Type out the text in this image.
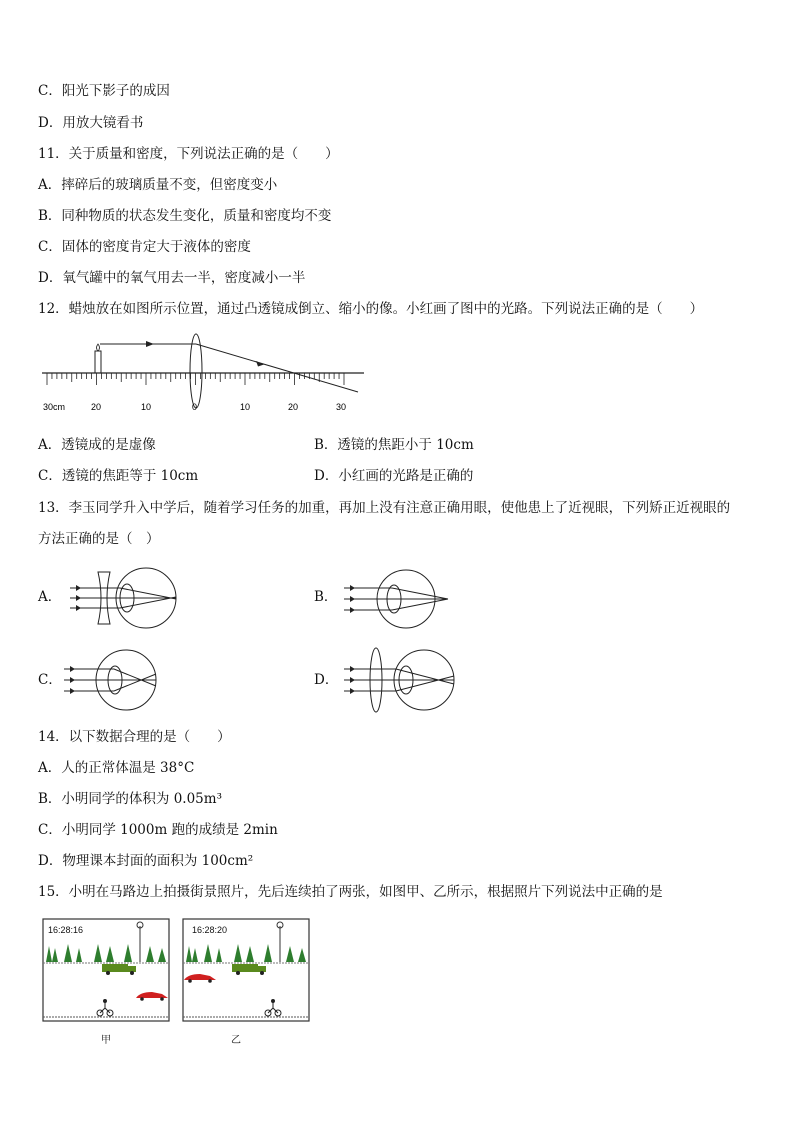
C．阳光下影子的成因
D．用放大镜看书
11．关于质量和密度，下列说法正确的是（　　）
A．摔碎后的玻璃质量不变，但密度变小
B．同种物质的状态发生变化，质量和密度均不变
C．固体的密度肯定大于液体的密度
D．氧气罐中的氧气用去一半，密度减小一半
12．蜡烛放在如图所示位置，通过凸透镜成倒立、缩小的像。小红画了图中的光路。下列说法正确的是（　　）
30cm	20	10	0	10	20	30
A．透镜成的是虚像	B．透镜的焦距小于 10cm
C．透镜的焦距等于 10cm	D．小红画的光路是正确的
13．李玉同学升入中学后，随着学习任务的加重，再加上没有注意正确用眼，使他患上了近视眼，下列矫正近视眼的
方法正确的是（　）
A．	B．
C．	D．
14．以下数据合理的是（　　）
A．人的正常体温是 38°C
B．小明同学的体积为 0.05m³
C．小明同学 1000m 跑的成绩是 2min
D．物理课本封面的面积为 100cm²
15．小明在马路边上拍摄街景照片，先后连续拍了两张，如图甲、乙所示，根据照片下列说法中正确的是
16:28:16
甲
16:28:20
乙
